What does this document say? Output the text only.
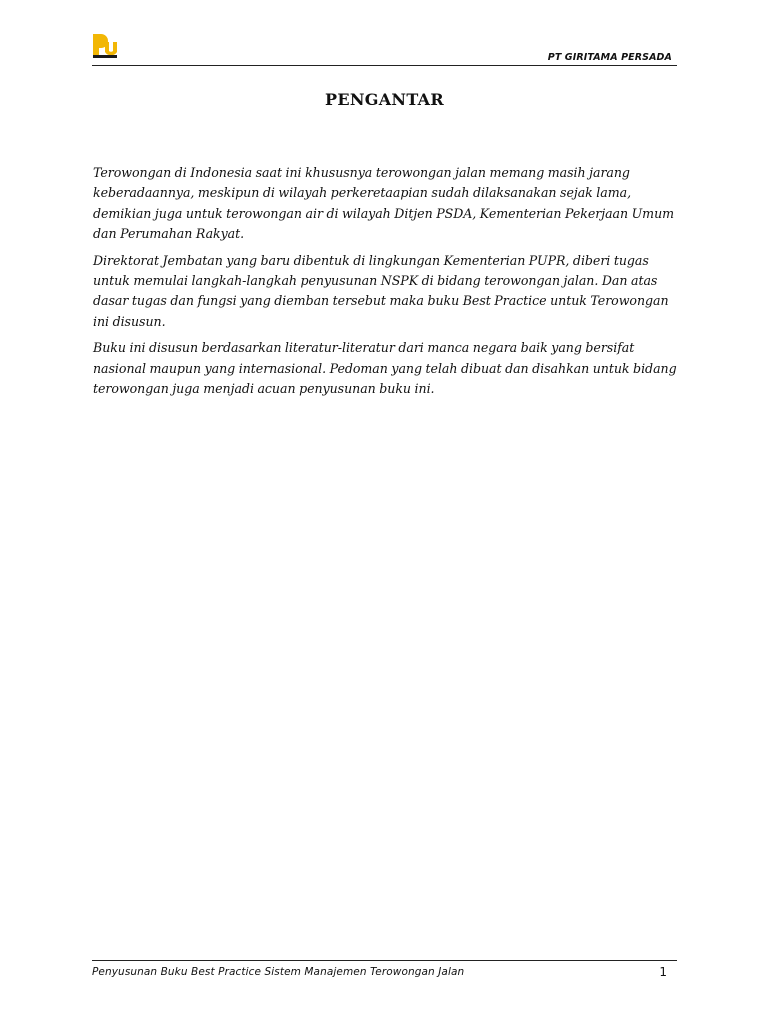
PT GIRITAMA PERSADA
PENGANTAR

Terowongan di Indonesia saat ini khususnya terowongan jalan memang masih jarang keberadaannya, meskipun di wilayah perkeretaapian sudah dilaksanakan sejak lama, demikian juga untuk terowongan air di wilayah Ditjen PSDA, Kementerian Pekerjaan Umum dan Perumahan Rakyat.

Direktorat Jembatan yang baru dibentuk di lingkungan Kementerian PUPR, diberi tugas untuk memulai langkah-langkah penyusunan NSPK di bidang terowongan jalan. Dan atas dasar tugas dan fungsi yang diemban tersebut maka buku Best Practice untuk Terowongan ini disusun.

Buku ini disusun berdasarkan literatur-literatur dari manca negara baik yang bersifat nasional maupun yang internasional. Pedoman yang telah dibuat dan disahkan untuk bidang terowongan juga menjadi acuan penyusunan buku ini.

Penyusunan Buku Best Practice Sistem Manajemen Terowongan Jalan	1
